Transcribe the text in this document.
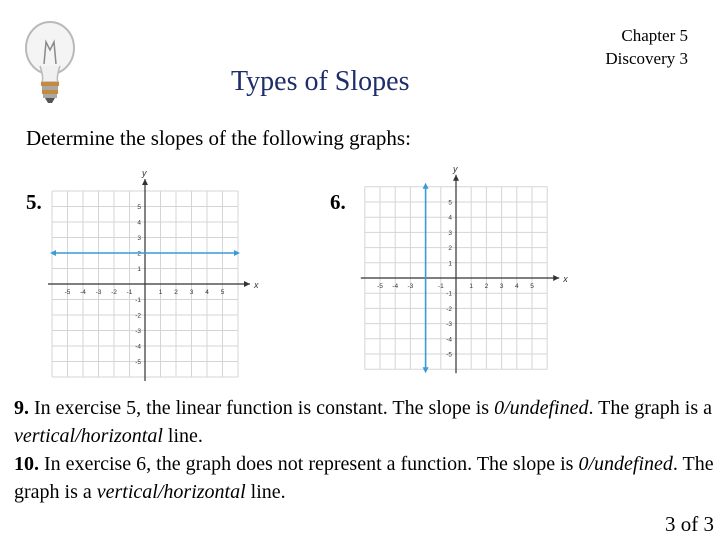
Types of Slopes
Chapter 5
Discovery 3
Determine the slopes of the following graphs:
5.	6.
x
y
-5 -4 -3 -2 -1	1 2 3 4 5
5
4
3
2
1
-1
-2
-3
-4
-5
x
y
-5 -4 -3	-1	1 2 3 4 5
5
4
3
2
1
-1
-2
-3
-4
-5

9. In exercise 5, the linear function is constant. The slope is 0/undefined. The graph is a vertical/horizontal line.

10. In exercise 6, the graph does not represent a function. The slope is 0/undefined. The graph is a vertical/horizontal line.

3 of 3
